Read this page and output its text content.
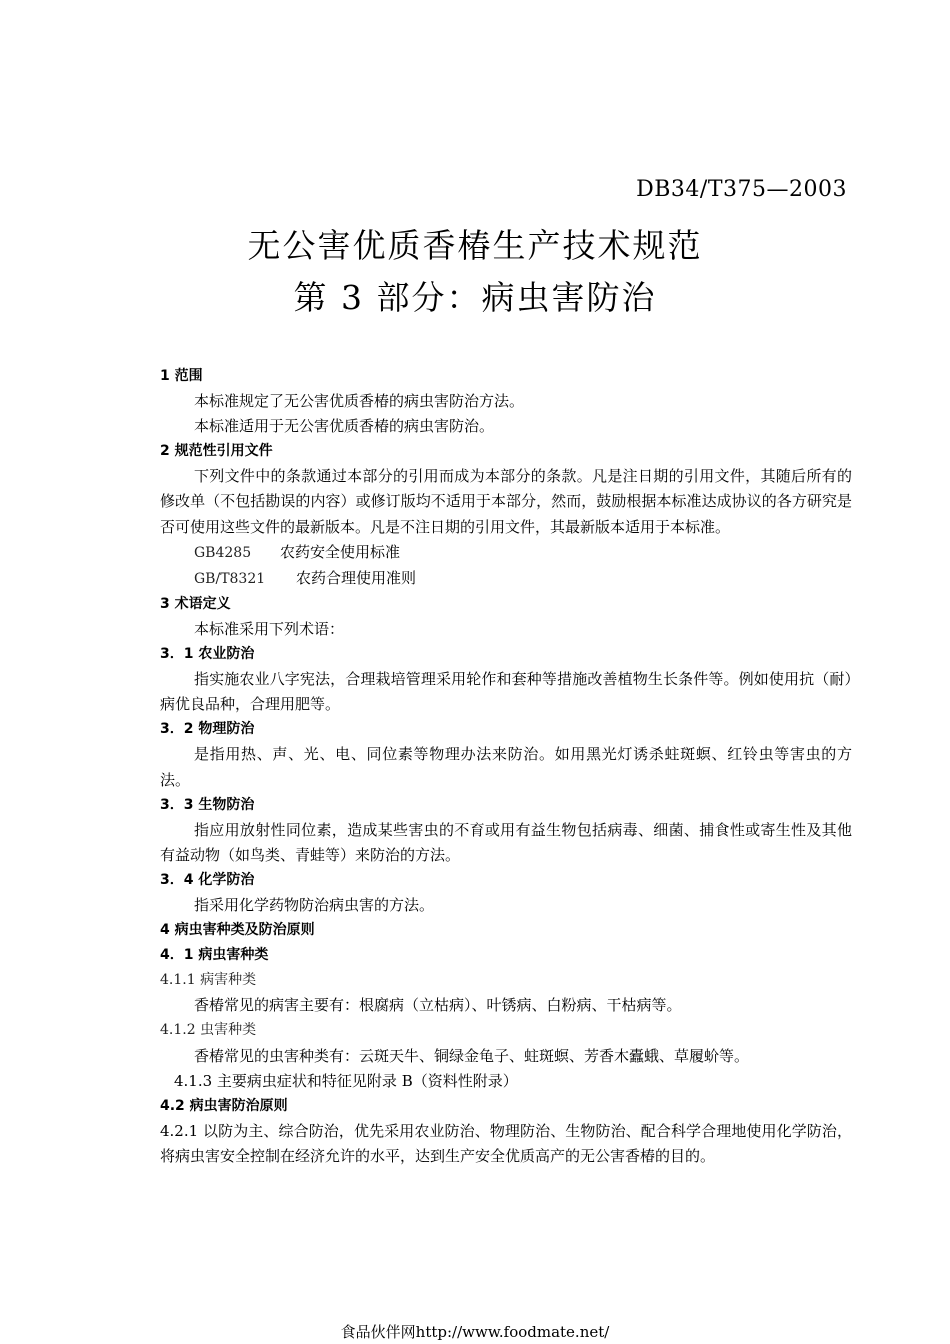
DB34/T375—2003
无公害优质香椿生产技术规范
第 3 部分：病虫害防治
1 范围
本标准规定了无公害优质香椿的病虫害防治方法。
本标准适用于无公害优质香椿的病虫害防治。
2 规范性引用文件
下列文件中的条款通过本部分的引用而成为本部分的条款。凡是注日期的引用文件，其随后所有的修改单（不包括勘误的内容）或修订版均不适用于本部分，然而，鼓励根据本标准达成协议的各方研究是否可使用这些文件的最新版本。凡是不注日期的引用文件，其最新版本适用于本标准。
GB4285 农药安全使用标准
GB/T8321 农药合理使用准则
3 术语定义
本标准采用下列术语：
3．1 农业防治
指实施农业八字宪法，合理栽培管理采用轮作和套种等措施改善植物生长条件等。例如使用抗（耐）病优良品种，合理用肥等。
3．2 物理防治
是指用热、声、光、电、同位素等物理办法来防治。如用黑光灯诱杀蛀斑螟、红铃虫等害虫的方法。
3．3 生物防治
指应用放射性同位素，造成某些害虫的不育或用有益生物包括病毒、细菌、捕食性或寄生性及其他有益动物（如鸟类、青蛙等）来防治的方法。
3．4 化学防治
指采用化学药物防治病虫害的方法。
4 病虫害种类及防治原则
4．1 病虫害种类
4.1.1 病害种类
香椿常见的病害主要有：根腐病（立枯病）、叶锈病、白粉病、干枯病等。
4.1.2 虫害种类
香椿常见的虫害种类有：云斑天牛、铜绿金龟子、蛀斑螟、芳香木蠹蛾、草履蚧等。
4.1.3 主要病虫症状和特征见附录 B（资料性附录）
4.2 病虫害防治原则
4.2.1 以防为主、综合防治，优先采用农业防治、物理防治、生物防治、配合科学合理地使用化学防治，将病虫害安全控制在经济允许的水平，达到生产安全优质高产的无公害香椿的目的。
食品伙伴网http://www.foodmate.net/
